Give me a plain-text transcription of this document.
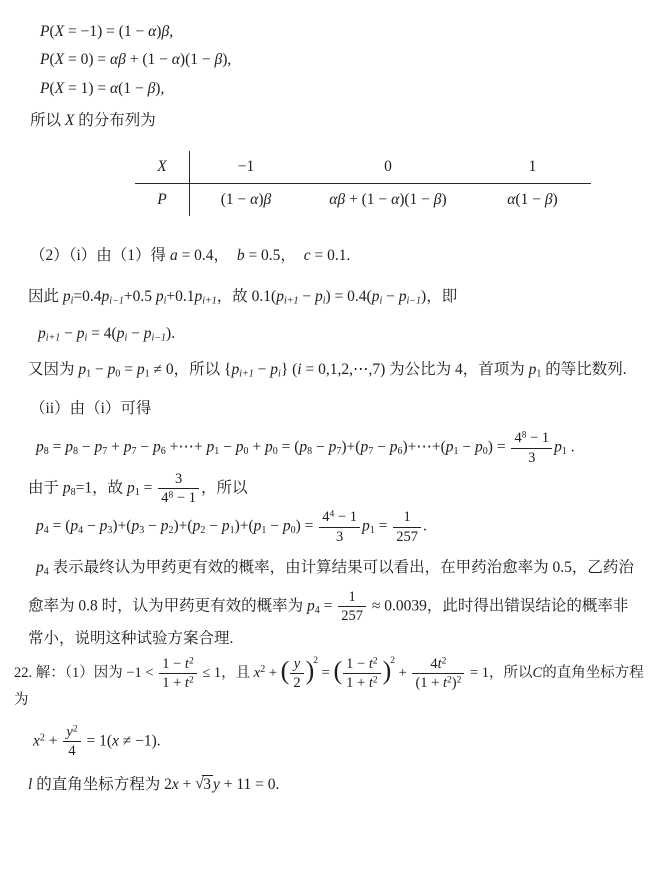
P(X = −1) = (1 − α)β,
P(X = 0) = αβ + (1 − α)(1 − β),
P(X = 1) = α(1 − β),
所以 X 的分布列为
X	−1	0	1
P	(1 − α)β	αβ + (1 − α)(1 − β)	α(1 − β)
（2）（i）由（1）得 a = 0.4，  b = 0.5，  c = 0.1.
因此 $p_i=0.4p_{i-1}+0.5$ $p_i+0.1p_{i+1}$，故 $0.1(p_{i+1} - p_i) = 0.4(p_i - p_{i-1})$，即
$p_{i+1} - p_i = 4(p_i - p_{i-1})$.
又因为 $p_1 - p_0 = p_1 \ne 0$，所以 $\{p_{i+1} - p_i\} (i$ = 0,1,2,⋯,7) 为公比为 4，首项为 $p_1$ 的等比数列.
（ii）由（i）可得
$p_8 = p_8 - p_7 + p_7 - p_6$ +⋯+ $p_1 - p_0 + p_0 = (p_8 - p_7)+(p_7$ − $p_6)+\cdots+(p_1 - p_0) = \frac{4^8 - 1}{3} p_1$ .
由于 $p_8=1$，故 $p_1 = \frac{3}{4^8 - 1}$ ，所以
$p_4 = (p_4 - p_3)+(p_3 - p_2)+(p_2 - p_1)+(p_1 - p_0) = \frac{4^4 - 1}{3} p_1 = \frac{1}{257}$ .
$p_4$ 表示最终认为甲药更有效的概率，由计算结果可以看出，在甲药治愈率为 0.5，乙药治
愈率为 0.8 时，认为甲药更有效的概率为 $p_4 = \frac{1}{257} \approx 0.0039$，此时得出错误结论的概率非
常小，说明这种试验方案合理.
22. 解：（1）因为 $-1 < \frac{1 - t^2}{1 + t^2} \le 1$，且 $x^2$ + ( $\frac{y}{2} )^2$ = ( $\frac{1 - t^2}{1 + t^2} )^2 + \frac{4t^2}{(1 + t^2)^2} = 1$，所以C的直角坐标方程为
$x^2 + \frac{y^2}{4} = 1(x \ne -1)$.
l 的直角坐标方程为 2x + √3 y + 11 = 0.
